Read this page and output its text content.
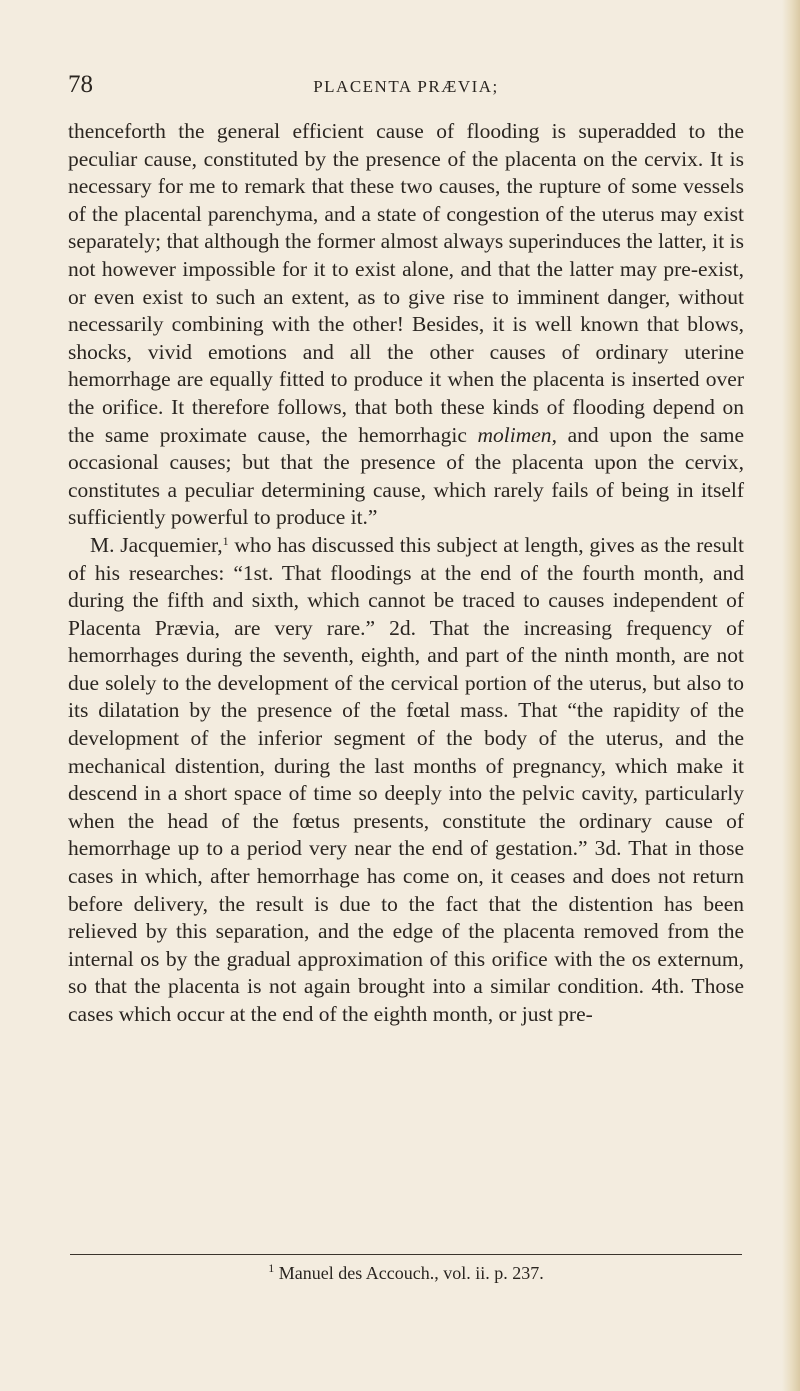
78	PLACENTA PRÆVIA;

thenceforth the general efficient cause of flooding is superadded to the peculiar cause, constituted by the presence of the placenta on the cervix. It is necessary for me to remark that these two causes, the rupture of some vessels of the placental parenchyma, and a state of congestion of the uterus may exist separately; that although the former almost always superinduces the latter, it is not however impossible for it to exist alone, and that the latter may pre-exist, or even exist to such an extent, as to give rise to imminent danger, without necessarily combining with the other! Besides, it is well known that blows, shocks, vivid emotions and all the other causes of ordinary uterine hemorrhage are equally fitted to produce it when the placenta is inserted over the orifice. It therefore follows, that both these kinds of flooding depend on the same proximate cause, the hemorrhagic molimen, and upon the same occasional causes; but that the presence of the placenta upon the cervix, constitutes a peculiar determining cause, which rarely fails of being in itself sufficiently powerful to produce it.”

M. Jacquemier,$^1$ who has discussed this subject at length, gives as the result of his researches: “1st. That floodings at the end of the fourth month, and during the fifth and sixth, which cannot be traced to causes independent of Placenta Prævia, are very rare.” 2d. That the increasing frequency of hemorrhages during the seventh, eighth, and part of the ninth month, are not due solely to the development of the cervical portion of the uterus, but also to its dilatation by the presence of the fœtal mass. That “the rapidity of the development of the inferior segment of the body of the uterus, and the mechanical distention, during the last months of pregnancy, which make it descend in a short space of time so deeply into the pelvic cavity, particularly when the head of the fœtus presents, constitute the ordinary cause of hemorrhage up to a period very near the end of gestation.” 3d. That in those cases in which, after hemorrhage has come on, it ceases and does not return before delivery, the result is due to the fact that the distention has been relieved by this separation, and the edge of the placenta removed from the internal os by the gradual approximation of this orifice with the os externum, so that the placenta is not again brought into a similar condition. 4th. Those cases which occur at the end of the eighth month, or just pre-

$^1$ Manuel des Accouch., vol. ii. p. 237.
